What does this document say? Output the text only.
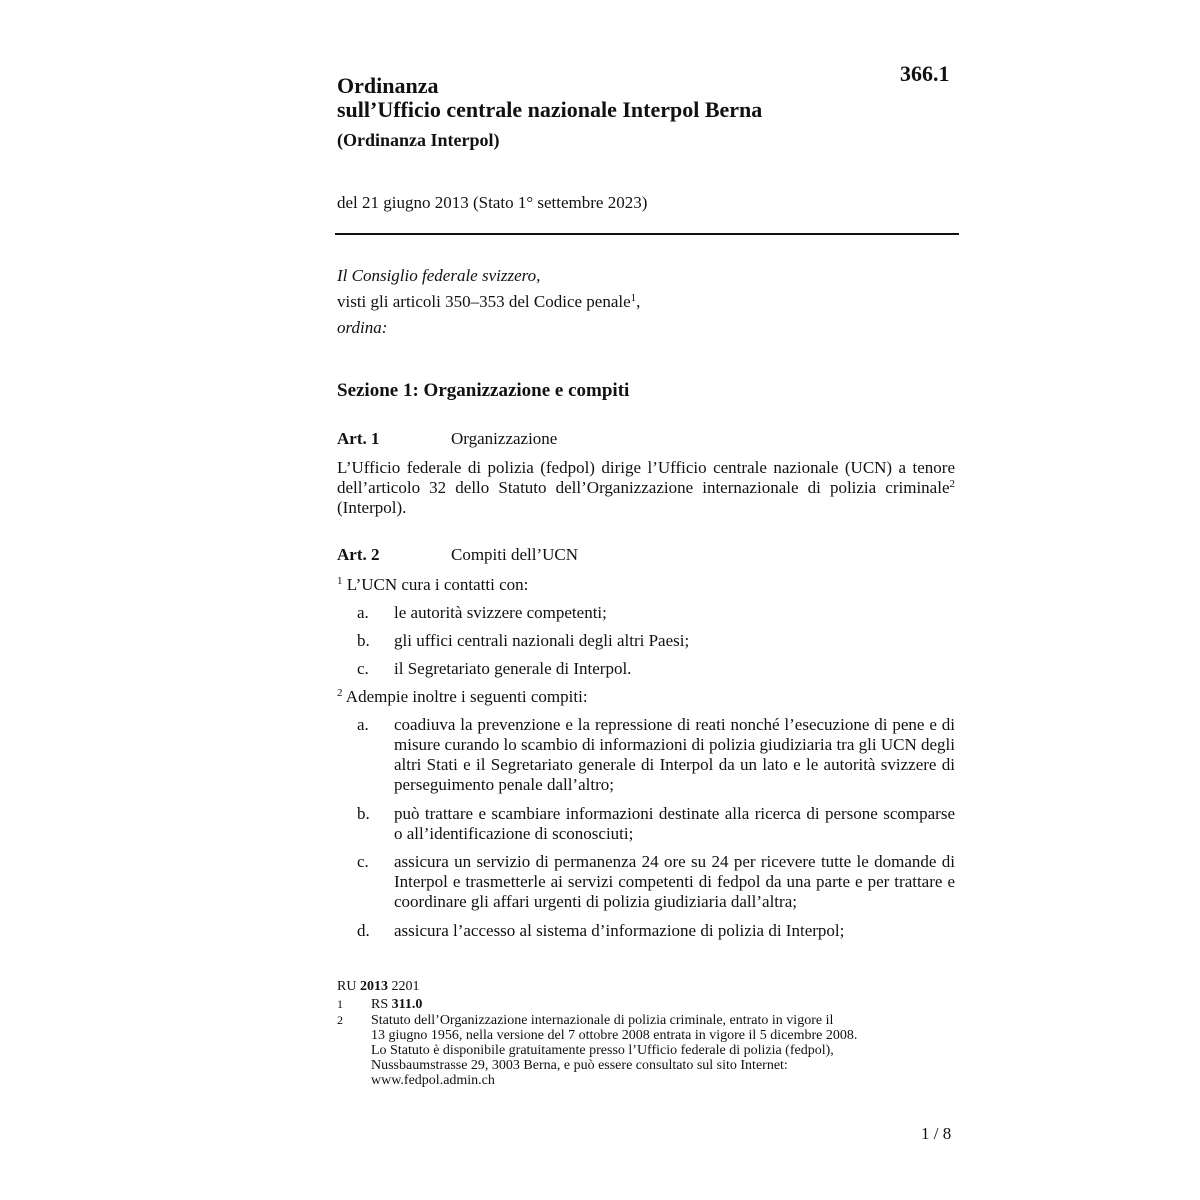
Ordinanza
sull’Ufficio centrale nazionale Interpol Berna
(Ordinanza Interpol)
366.1
del 21 giugno 2013 (Stato 1° settembre 2023)
Il Consiglio federale svizzero,
visti gli articoli 350–353 del Codice penale$^1$,
ordina:
Sezione 1: Organizzazione e compiti
Art. 1	Organizzazione
L’Ufficio federale di polizia (fedpol) dirige l’Ufficio centrale nazionale (UCN) a tenore dell’articolo 32 dello Statuto dell’Organizzazione internazionale di polizia criminale$^2$ (Interpol).
Art. 2	Compiti dell’UCN
$^1$ L’UCN cura i contatti con:
a. le autorità svizzere competenti;
b. gli uffici centrali nazionali degli altri Paesi;
c. il Segretariato generale di Interpol.
$^2$ Adempie inoltre i seguenti compiti:
a. coadiuva la prevenzione e la repressione di reati nonché l’esecuzione di pene e di misure curando lo scambio di informazioni di polizia giudiziaria tra gli UCN degli altri Stati e il Segretariato generale di Interpol da un lato e le autorità svizzere di perseguimento penale dall’altro;
b. può trattare e scambiare informazioni destinate alla ricerca di persone scomparse o all’identificazione di sconosciuti;
c. assicura un servizio di permanenza 24 ore su 24 per ricevere tutte le domande di Interpol e trasmetterle ai servizi competenti di fedpol da una parte e per trattare e coordinare gli affari urgenti di polizia giudiziaria dall’altra;
d. assicura l’accesso al sistema d’informazione di polizia di Interpol;
RU 2013 2201
1 RS 311.0
2 Statuto dell’Organizzazione internazionale di polizia criminale, entrato in vigore il
13 giugno 1956, nella versione del 7 ottobre 2008 entrata in vigore il 5 dicembre 2008.
Lo Statuto è disponibile gratuitamente presso l’Ufficio federale di polizia (fedpol),
Nussbaumstrasse 29, 3003 Berna, e può essere consultato sul sito Internet:
www.fedpol.admin.ch
1 / 8
